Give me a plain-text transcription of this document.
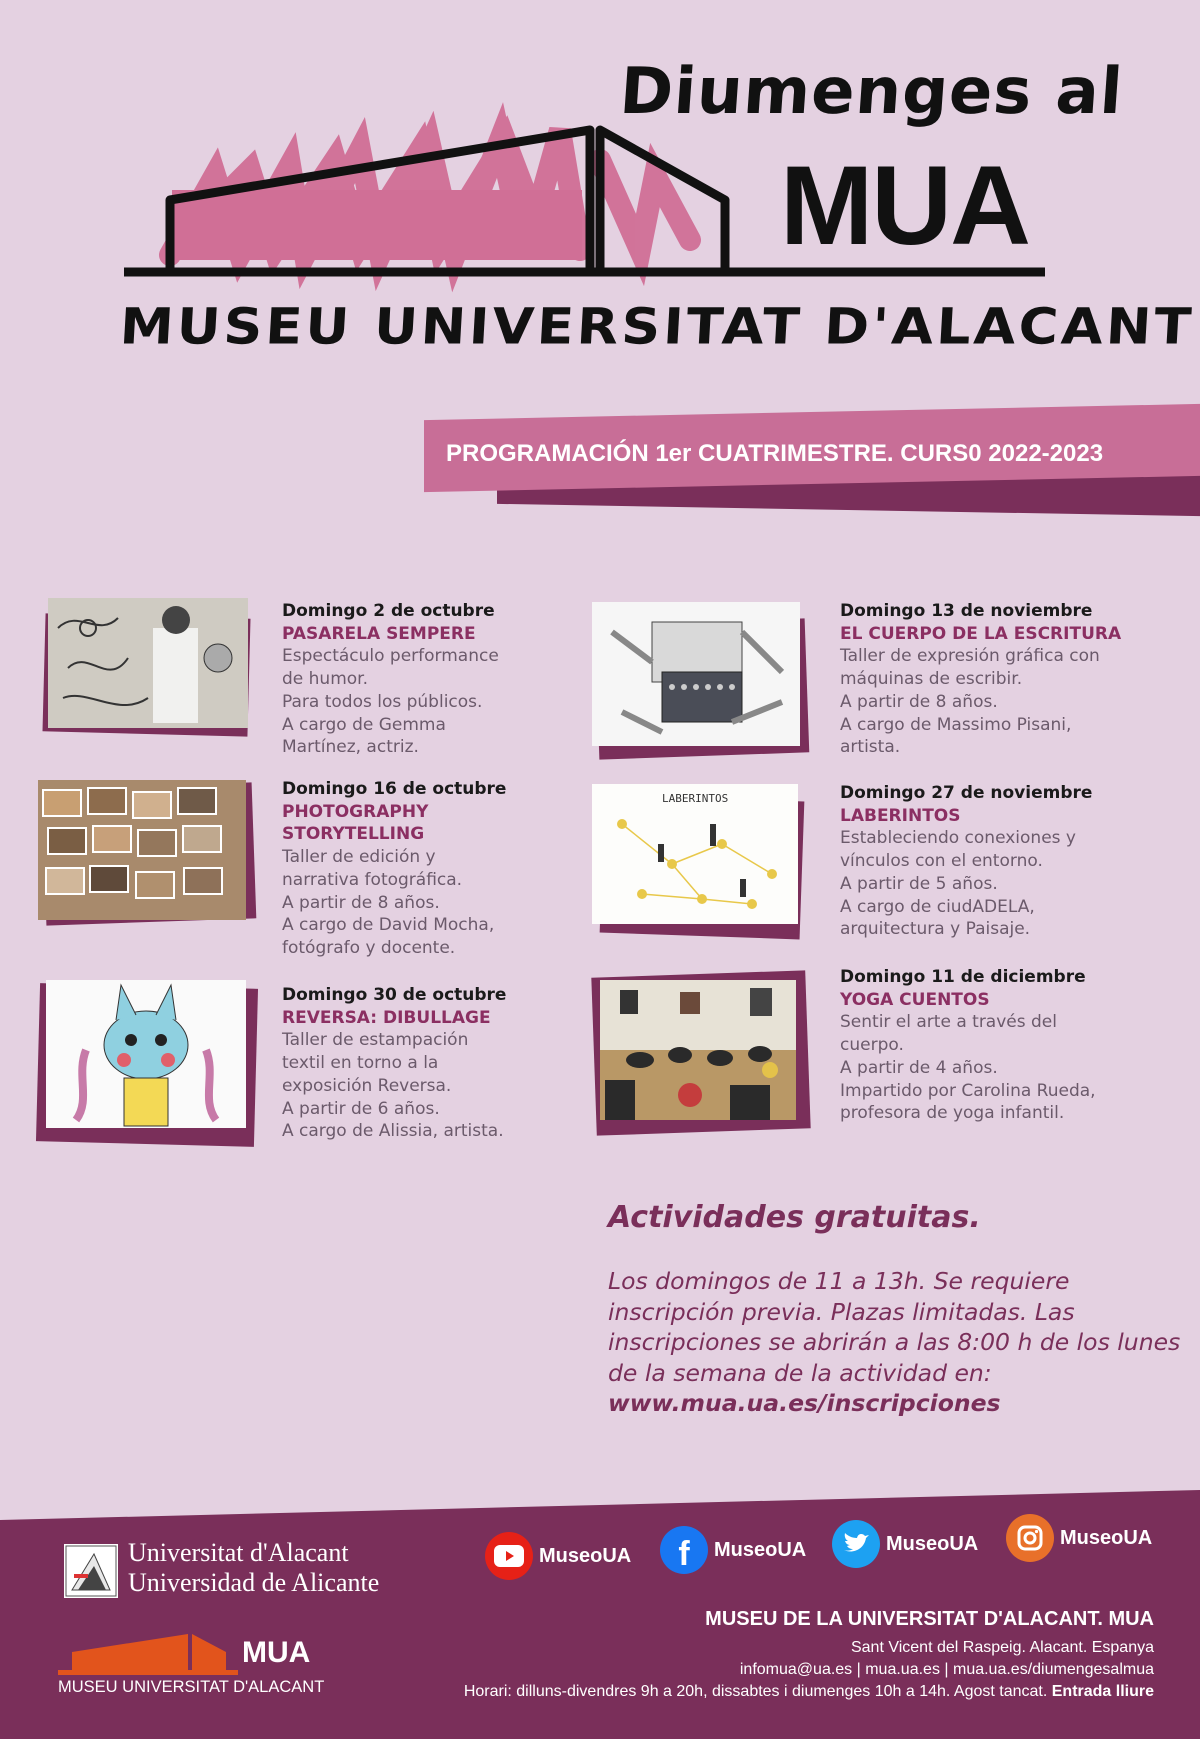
Diumenges al
MUA
MUSEU UNIVERSITAT D'ALACANT
PROGRAMACIÓN 1er CUATRIMESTRE. CURS0 2022-2023
Domingo 2 de octubre
PASARELA SEMPERE
Espectáculo performance
de humor.
Para todos los públicos.
A cargo de Gemma
Martínez, actriz.
Domingo 16 de octubre
PHOTOGRAPHY STORYTELLING
Taller de edición y
narrativa fotográfica.
A partir de 8 años.
A cargo de David Mocha,
fotógrafo y docente.
Domingo 30 de octubre
REVERSA: DIBULLAGE
Taller de estampación
textil en torno a la
exposición Reversa.
A partir de 6 años.
A cargo de Alissia, artista.
Domingo 13 de noviembre
EL CUERPO DE LA ESCRITURA
Taller de expresión gráfica con
máquinas de escribir.
A partir de 8 años.
A cargo de Massimo Pisani,
artista.
LABERINTOS	Domingo 27 de noviembre
LABERINTOS
Estableciendo conexiones y
vínculos con el entorno.
A partir de 5 años.
A cargo de ciudADELA,
arquitectura y Paisaje.
Domingo 11 de diciembre
YOGA CUENTOS
Sentir el arte a través del
cuerpo.
A partir de 4 años.
Impartido por Carolina Rueda,
profesora de yoga infantil.
Actividades gratuitas.
Los domingos de 11 a 13h. Se requiere inscripción previa. Plazas limitadas. Las inscripciones se abrirán a las 8:00 h de los lunes de la semana de la actividad en: www.mua.ua.es/inscripciones
Universitat d'Alacant
Universidad de Alicante
MUA
MUSEU UNIVERSITAT D'ALACANT
MuseoUA f MuseoUA	MuseoUA	MuseoUA
MUSEU DE LA UNIVERSITAT D'ALACANT. MUA
Sant Vicent del Raspeig. Alacant. Espanya
infomua@ua.es | mua.ua.es | mua.ua.es/diumengesalmua
Horari: dilluns-divendres 9h a 20h, dissabtes i diumenges 10h a 14h. Agost tancat. Entrada lliure
